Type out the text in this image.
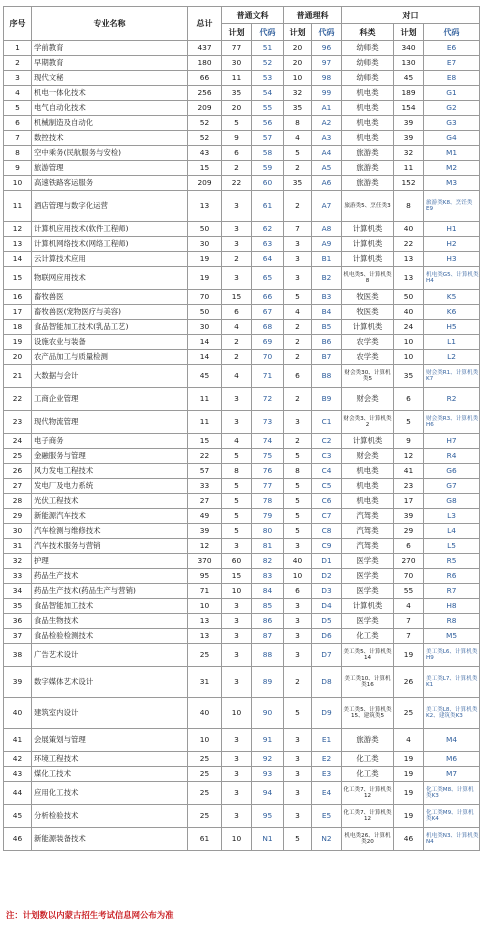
序号	专业名称	总计	普通文科		普通理科		对口		
			计划	代码	计划	代码	科类	计划	代码
1	学前教育	437	77	51	20	96	幼师类	340	E6
2	早期教育	180	30	52	20	97	幼师类	130	E7
3	现代文秘	66	11	53	10	98	幼师类	45	E8
4	机电一体化技术	256	35	54	32	99	机电类	189	G1
5	电气自动化技术	209	20	55	35	A1	机电类	154	G2
6	机械制造及自动化	52	5	56	8	A2	机电类	39	G3
7	数控技术	52	9	57	4	A3	机电类	39	G4
8	空中乘务(民航服务与安检)	43	6	58	5	A4	旅游类	32	M1
9	旅游管理	15	2	59	2	A5	旅游类	11	M2
10	高速铁路客运服务	209	22	60	35	A6	旅游类	152	M3
11	酒店管理与数字化运营	13	3	61	2	A7	旅游类5、烹任类3	8	旅游类K8、烹饪类E9
12	计算机应用技术(软件工程师)	50	3	62	7	A8	计算机类	40	H1
13	计算机网络技术(网络工程师)	30	3	63	3	A9	计算机类	22	H2
14	云计算技术应用	19	2	64	3	B1	计算机类	13	H3
15	物联网应用技术	19	3	65	3	B2	机电类5、计算机类8	13	机电类G5、计算机类H4
16	畜牧兽医	70	15	66	5	B3	牧医类	50	K5
17	畜牧兽医(宠物医疗与美容)	50	6	67	4	B4	牧医类	40	K6
18	食品智能加工技术(乳品工艺)	30	4	68	2	B5	计算机类	24	H5
19	设施农业与装备	14	2	69	2	B6	农学类	10	L1
20	农产品加工与质量检测	14	2	70	2	B7	农学类	10	L2
21	大数据与会计	45	4	71	6	B8	财会类30、计算机类5	35	财会类R1、计算机类K7
22	工商企业管理	11	3	72	2	B9	财会类	6	R2
23	现代物流管理	11	3	73	3	C1	财会类3、计算机类2	5	财会类R3、计算机类H6
24	电子商务	15	4	74	2	C2	计算机类	9	H7
25	金融服务与管理	22	5	75	5	C3	财会类	12	R4
26	风力发电工程技术	57	8	76	8	C4	机电类	41	G6
27	发电厂及电力系统	33	5	77	5	C5	机电类	23	G7
28	光伏工程技术	27	5	78	5	C6	机电类	17	G8
29	新能源汽车技术	49	5	79	5	C7	汽驾类	39	L3
30	汽车检测与维修技术	39	5	80	5	C8	汽驾类	29	L4
31	汽车技术服务与营销	12	3	81	3	C9	汽驾类	6	L5
32	护理	370	60	82	40	D1	医学类	270	R5
33	药品生产技术	95	15	83	10	D2	医学类	70	R6
34	药品生产技术(药品生产与营销)	71	10	84	6	D3	医学类	55	R7
35	食品智能加工技术	10	3	85	3	D4	计算机类	4	H8
36	食品生物技术	13	3	86	3	D5	医学类	7	R8
37	食品检验检测技术	13	3	87	3	D6	化工类	7	M5
38	广告艺术设计	25	3	88	3	D7	美工类5、计算机类14	19	美工类L6、计算机类H9
39	数字媒体艺术设计	31	3	89	2	D8	美工类10、计算机类16	26	美工类L7、计算机类K1
40	建筑室内设计	40	10	90	5	D9	美工类5、计算机类15、建筑类5	25	美工类L8、计算机类K2、建筑类K3
41	会展策划与管理	10	3	91	3	E1	旅游类	4	M4
42	环境工程技术	25	3	92	3	E2	化工类	19	M6
43	煤化工技术	25	3	93	3	E3	化工类	19	M7
44	应用化工技术	25	3	94	3	E4	化工类7、计算机类12	19	化工类M8、计算机类K3
45	分析检验技术	25	3	95	3	E5	化工类7、计算机类12	19	化工类M9、计算机类K4
46	新能源装备技术	61	10	N1	5	N2	机电类26、计算机类20	46	机电类N3、计算机类N4
注：计划数以内蒙古招生考试信息网公布为准
